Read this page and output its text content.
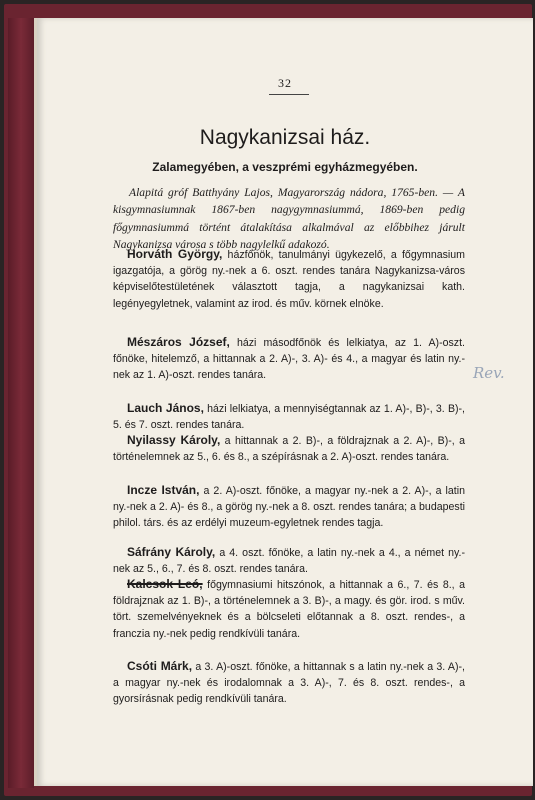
32
Nagykanizsai ház.
Zalamegyében, a veszprémi egyházmegyében.

Alapitá gróf Batthyány Lajos, Magyarország nádora, 1765-ben. — A kisgymnasiumnak 1867-ben nagygymnasiummá, 1869-ben pedig főgymnasiummá történt átalakítása alkalmával az előbbihez járult Nagykanizsa városa s több nagylelkű adakozó.

Horváth György, házfőnök, tanulmányi ügykezelő, a főgymnasium igazgatója, a görög ny.-nek a 6. oszt. rendes tanára Nagykanizsa-város képviselőtestületének választott tagja, a nagykanizsai kath. legényegyletnek, valamint az irod. és műv. körnek elnöke.

Mészáros József, házi másodfőnök és lelkiatya, az 1. A)-oszt. főnöke, hitelemző, a hittannak a 2. A)-, 3. A)- és 4., a magyar és latin ny.-nek az 1. A)-oszt. rendes tanára.

Lauch János, házi lelkiatya, a mennyiségtannak az 1. A)-, B)-, 3. B)-, 5. és 7. oszt. rendes tanára.

Nyilassy Károly, a hittannak a 2. B)-, a földrajznak a 2. A)-, B)-, a történelemnek az 5., 6. és 8., a szépírásnak a 2. A)-oszt. rendes tanára.

Incze István, a 2. A)-oszt. főnöke, a magyar ny.-nek a 2. A)-, a latin ny.-nek a 2. A)- és 8., a görög ny.-nek a 8. oszt. rendes tanára; a budapesti philol. társ. és az erdélyi muzeum-egyletnek rendes tagja.

Sáfrány Károly, a 4. oszt. főnöke, a latin ny.-nek a 4., a német ny.-nek az 5., 6., 7. és 8. oszt. rendes tanára.

Kalcsok Leó, főgymnasiumi hitszónok, a hittannak a 6., 7. és 8., a földrajznak az 1. B)-, a történelemnek a 3. B)-, a magy. és gör. irod. s műv. tört. szemelvényeknek és a bölcseleti előtannak a 8. oszt. rendes-, a franczia ny.-nek pedig rendkívüli tanára.

Csóti Márk, a 3. A)-oszt. főnöke, a hittannak s a latin ny.-nek a 3. A)-, a magyar ny.-nek és irodalomnak a 3. A)-, 7. és 8. oszt. rendes-, a gyorsírásnak pedig rendkívüli tanára.

Rev.
